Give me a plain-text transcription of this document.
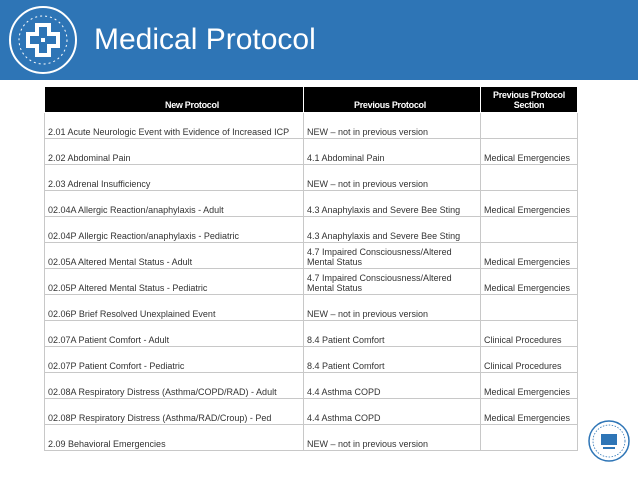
Medical Protocol
New Protocol	Previous Protocol	Previous Protocol Section
2.01 Acute Neurologic Event with Evidence of Increased ICP	NEW – not in previous version	
2.02 Abdominal Pain	4.1 Abdominal Pain	Medical Emergencies
2.03 Adrenal Insufficiency	NEW – not in previous version	
02.04A Allergic Reaction/anaphylaxis - Adult	4.3 Anaphylaxis and Severe Bee Sting	Medical Emergencies
02.04P Allergic Reaction/anaphylaxis - Pediatric	4.3 Anaphylaxis and Severe Bee Sting	
02.05A Altered Mental Status - Adult	4.7 Impaired Consciousness/Altered Mental Status	Medical Emergencies
02.05P Altered Mental Status - Pediatric	4.7 Impaired Consciousness/Altered Mental Status	Medical Emergencies
02.06P Brief Resolved Unexplained Event	NEW – not in previous version	
02.07A Patient Comfort - Adult	8.4 Patient Comfort	Clinical Procedures
02.07P Patient Comfort - Pediatric	8.4 Patient Comfort	Clinical Procedures
02.08A Respiratory Distress (Asthma/COPD/RAD) - Adult	4.4 Asthma COPD	Medical Emergencies
02.08P Respiratory Distress (Asthma/RAD/Croup) - Ped	4.4 Asthma COPD	Medical Emergencies
2.09 Behavioral Emergencies	NEW – not in previous version	
